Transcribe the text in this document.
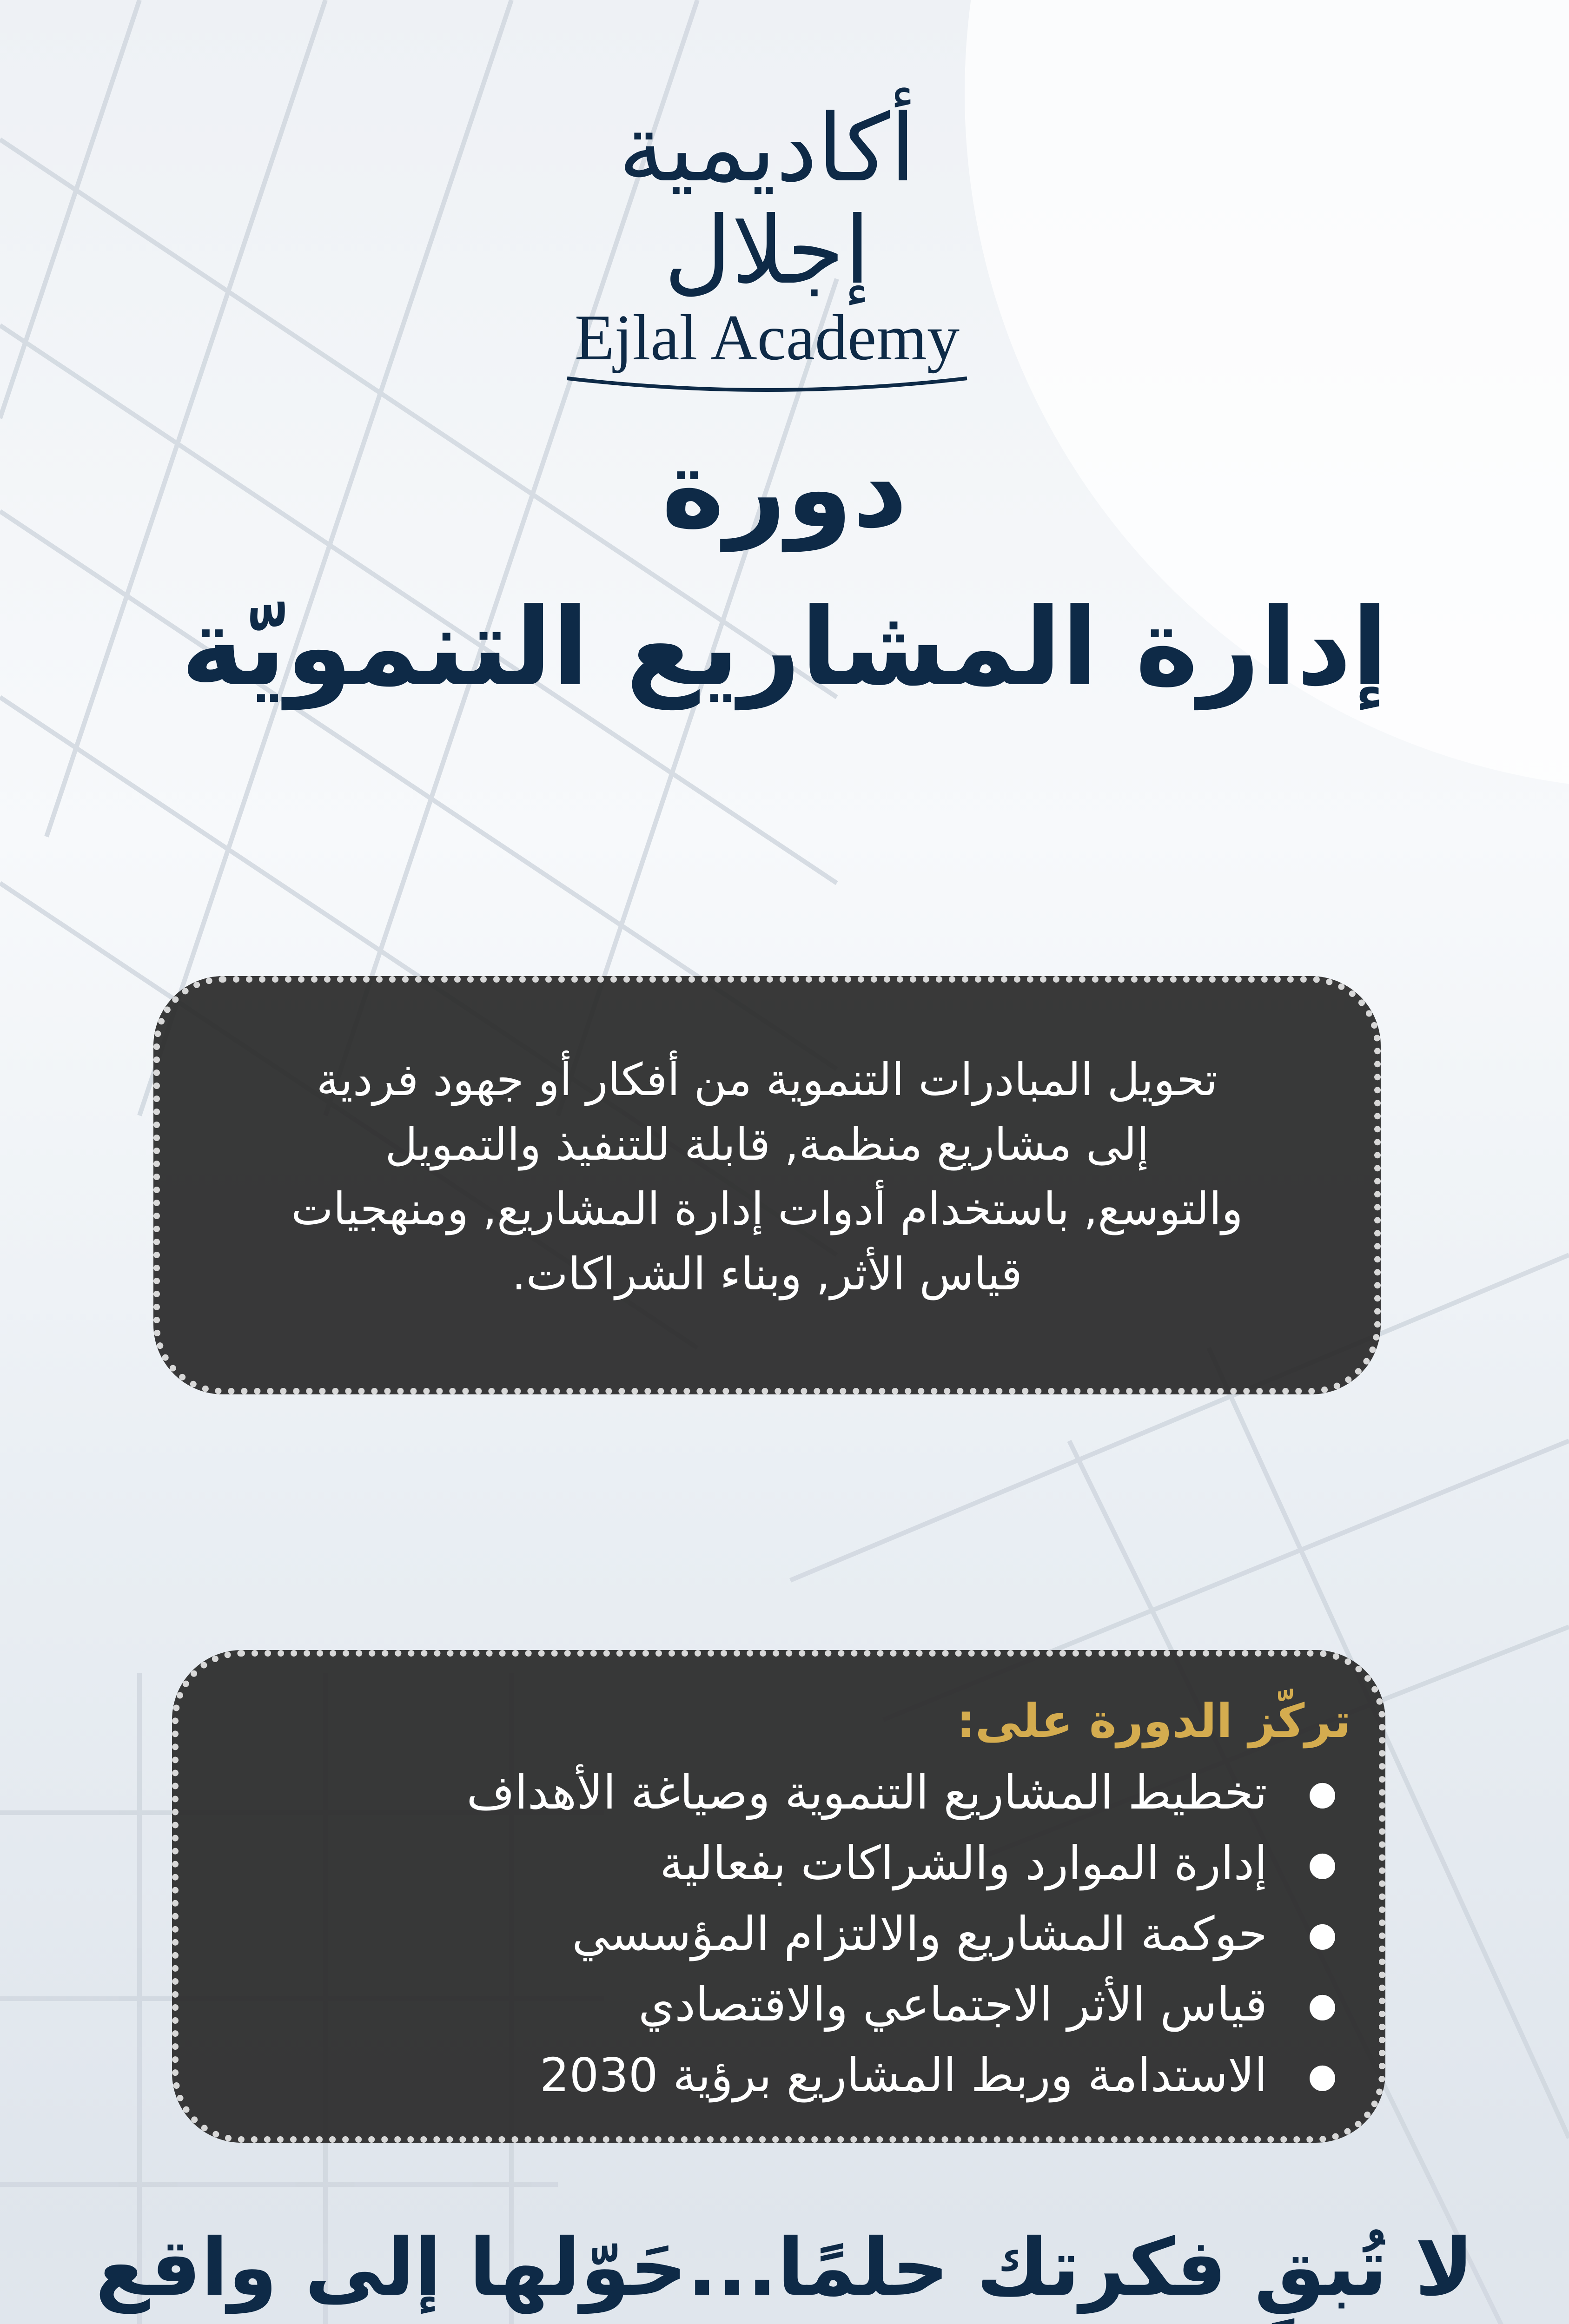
أكاديمية إجلال
Ejlal Academy
دورة
إدارة المشاريع التنمويّة

تحويل المبادرات التنموية من أفكار أو جهود فردية

إلى مشاريع منظمة, قابلة للتنفيذ والتمويل

والتوسع, باستخدام أدوات إدارة المشاريع, ومنهجيات

قياس الأثر, وبناء الشراكات.

تركّز الدورة على:
● تخطيط المشاريع التنموية وصياغة الأهداف
● إدارة الموارد والشراكات بفعالية
● حوكمة المشاريع والالتزام المؤسسي
● قياس الأثر الاجتماعي والاقتصادي
● الاستدامة وربط المشاريع برؤية 2030
لا تُبقِ فكرتك حلمًا...حَوّلها إلى واقع
